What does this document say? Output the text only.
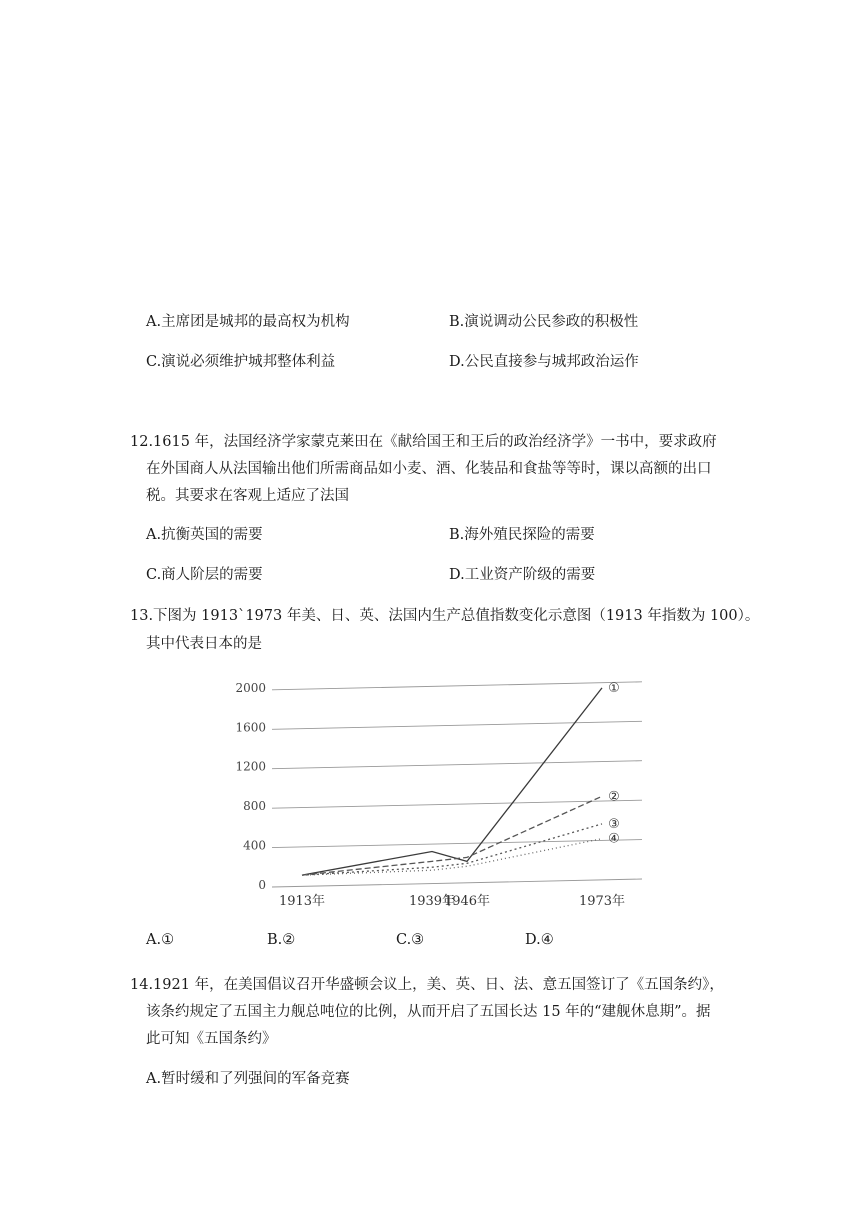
A.主席团是城邦的最高权为机构	B.演说调动公民参政的积极性
C.演说必须维护城邦整体利益	D.公民直接参与城邦政治运作
12.1615 年，法国经济学家蒙克莱田在《献给国王和王后的政治经济学》一书中，要求政府
在外国商人从法国输出他们所需商品如小麦、酒、化装品和食盐等等时，课以高额的出口
税。其要求在客观上适应了法国
A.抗衡英国的需要	B.海外殖民探险的需要
C.商人阶层的需要	D.工业资产阶级的需要
13.下图为 1913`1973 年美、日、英、法国内生产总值指数变化示意图（1913 年指数为 100）。
其中代表日本的是
0
400
800
1200
1600
2000	①
②
③
④
1913年	1939年
1946年	1973年
A.①	B.②	C.③	D.④
14.1921 年，在美国倡议召开华盛顿会议上，美、英、日、法、意五国签订了《五国条约》，
该条约规定了五国主力舰总吨位的比例，从而开启了五国长达 15 年的“建舰休息期”。据
此可知《五国条约》
A.暂时缓和了列强间的军备竞赛
